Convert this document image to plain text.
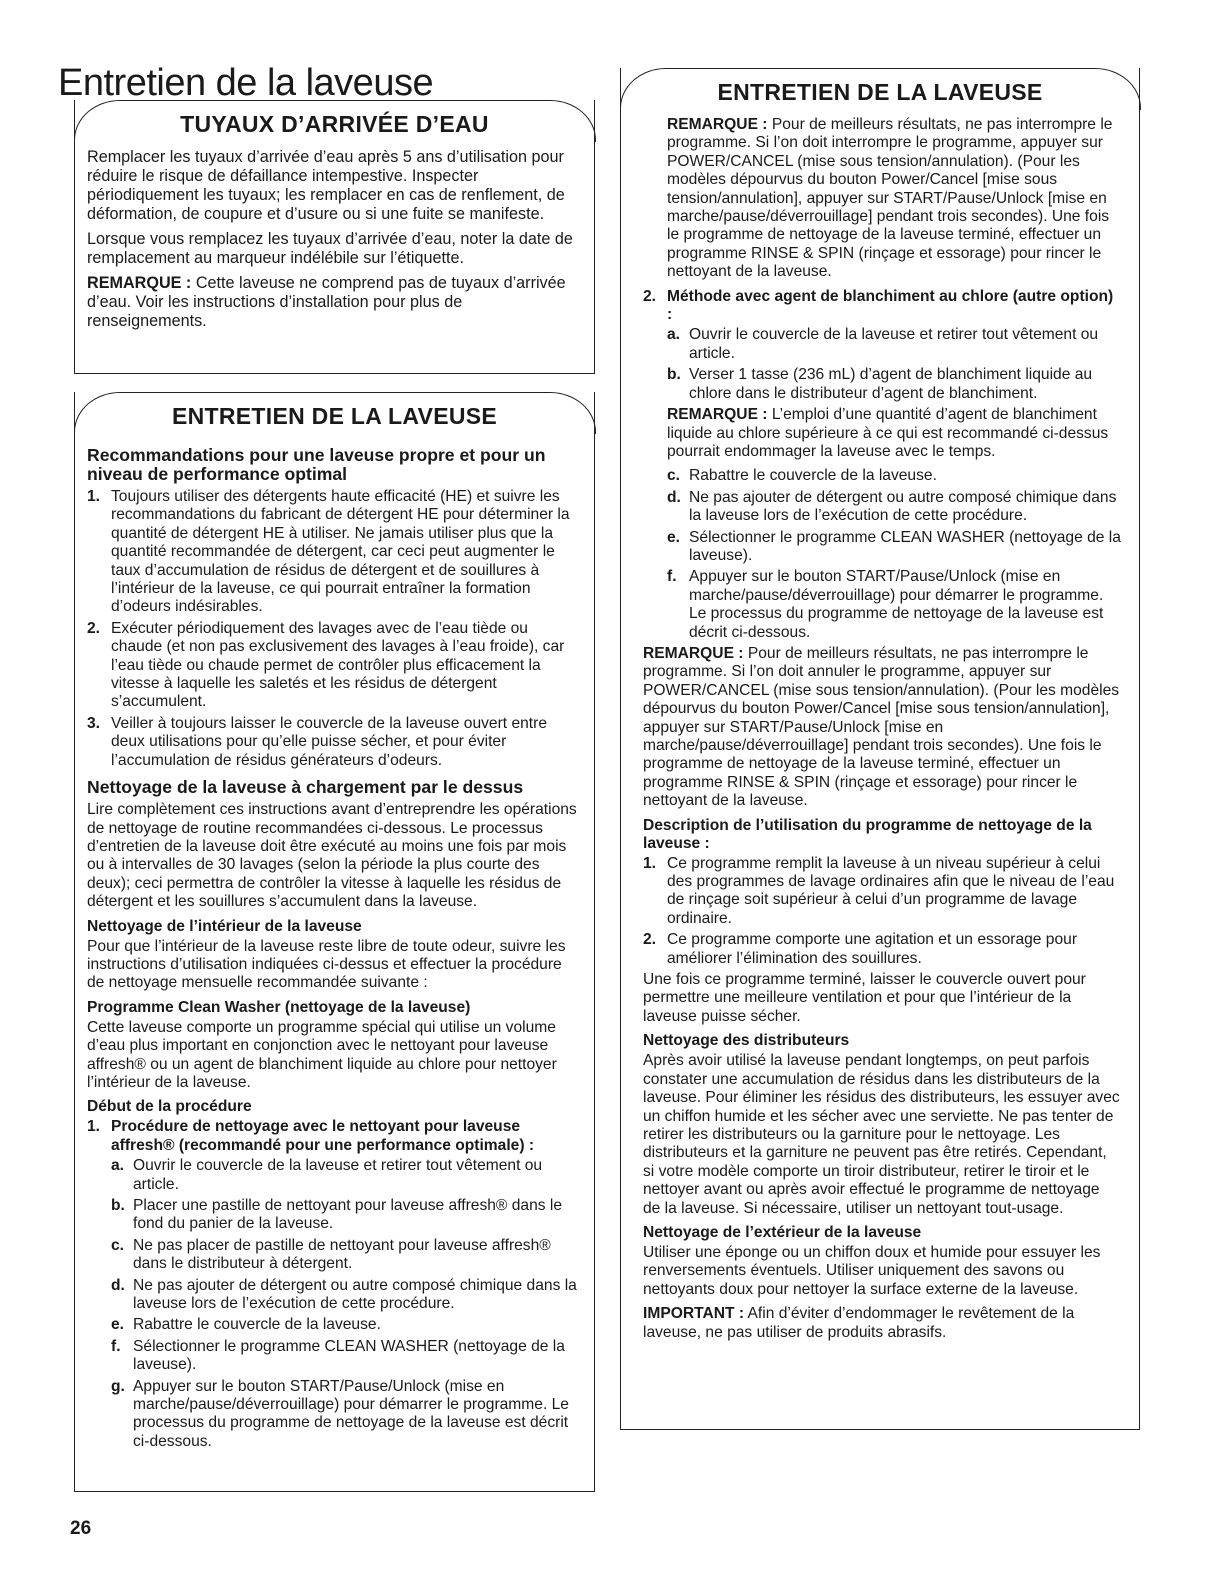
Entretien de la laveuse
TUYAUX D’ARRIVÉE D’EAU

Remplacer les tuyaux d’arrivée d’eau après 5 ans d’utilisation pour réduire le risque de défaillance intempestive. Inspecter périodiquement les tuyaux; les remplacer en cas de renflement, de déformation, de coupure et d’usure ou si une fuite se manifeste.

Lorsque vous remplacez les tuyaux d’arrivée d’eau, noter la date de remplacement au marqueur indélébile sur l’étiquette.

REMARQUE : Cette laveuse ne comprend pas de tuyaux d’arrivée d’eau. Voir les instructions d’installation pour plus de renseignements.

ENTRETIEN DE LA LAVEUSE
Recommandations pour une laveuse propre et pour un niveau de performance optimal
1. Toujours utiliser des détergents haute efficacité (HE) et suivre les recommandations du fabricant de détergent HE pour déterminer la quantité de détergent HE à utiliser. Ne jamais utiliser plus que la quantité recommandée de détergent, car ceci peut augmenter le taux d’accumulation de résidus de détergent et de souillures à l’intérieur de la laveuse, ce qui pourrait entraîner la formation d’odeurs indésirables.
2. Exécuter périodiquement des lavages avec de l’eau tiède ou chaude (et non pas exclusivement des lavages à l’eau froide), car l’eau tiède ou chaude permet de contrôler plus efficacement la vitesse à laquelle les saletés et les résidus de détergent s’accumulent.
3. Veiller à toujours laisser le couvercle de la laveuse ouvert entre deux utilisations pour qu’elle puisse sécher, et pour éviter l’accumulation de résidus générateurs d’odeurs.
Nettoyage de la laveuse à chargement par le dessus

Lire complètement ces instructions avant d’entreprendre les opérations de nettoyage de routine recommandées ci-dessous. Le processus d’entretien de la laveuse doit être exécuté au moins une fois par mois ou à intervalles de 30 lavages (selon la période la plus courte des deux); ceci permettra de contrôler la vitesse à laquelle les résidus de détergent et les souillures s’accumulent dans la laveuse.

Nettoyage de l’intérieur de la laveuse

Pour que l’intérieur de la laveuse reste libre de toute odeur, suivre les instructions d’utilisation indiquées ci-dessus et effectuer la procédure de nettoyage mensuelle recommandée suivante :

Programme Clean Washer (nettoyage de la laveuse)

Cette laveuse comporte un programme spécial qui utilise un volume d’eau plus important en conjonction avec le nettoyant pour laveuse affresh® ou un agent de blanchiment liquide au chlore pour nettoyer l’intérieur de la laveuse.

Début de la procédure
1. Procédure de nettoyage avec le nettoyant pour laveuse affresh® (recommandé pour une performance optimale) :
a. Ouvrir le couvercle de la laveuse et retirer tout vêtement ou article.
b. Placer une pastille de nettoyant pour laveuse affresh® dans le fond du panier de la laveuse.
c. Ne pas placer de pastille de nettoyant pour laveuse affresh® dans le distributeur à détergent.
d. Ne pas ajouter de détergent ou autre composé chimique dans la laveuse lors de l’exécution de cette procédure.
e. Rabattre le couvercle de la laveuse.
f. Sélectionner le programme CLEAN WASHER (nettoyage de la laveuse).
g. Appuyer sur le bouton START/Pause/Unlock (mise en marche/pause/déverrouillage) pour démarrer le programme. Le processus du programme de nettoyage de la laveuse est décrit ci-dessous.
ENTRETIEN DE LA LAVEUSE

REMARQUE : Pour de meilleurs résultats, ne pas interrompre le programme. Si l’on doit interrompre le programme, appuyer sur POWER/CANCEL (mise sous tension/annulation). (Pour les modèles dépourvus du bouton Power/Cancel [mise sous tension/annulation], appuyer sur START/Pause/Unlock [mise en marche/pause/déverrouillage] pendant trois secondes). Une fois le programme de nettoyage de la laveuse terminé, effectuer un programme RINSE & SPIN (rinçage et essorage) pour rincer le nettoyant de la laveuse.

2. Méthode avec agent de blanchiment au chlore (autre option) :
a. Ouvrir le couvercle de la laveuse et retirer tout vêtement ou article.
b. Verser 1 tasse (236 mL) d’agent de blanchiment liquide au chlore dans le distributeur d’agent de blanchiment.

REMARQUE : L’emploi d’une quantité d’agent de blanchiment liquide au chlore supérieure à ce qui est recommandé ci-dessus pourrait endommager la laveuse avec le temps.

c. Rabattre le couvercle de la laveuse.
d. Ne pas ajouter de détergent ou autre composé chimique dans la laveuse lors de l’exécution de cette procédure.
e. Sélectionner le programme CLEAN WASHER (nettoyage de la laveuse).
f. Appuyer sur le bouton START/Pause/Unlock (mise en marche/pause/déverrouillage) pour démarrer le programme. Le processus du programme de nettoyage de la laveuse est décrit ci-dessous.

REMARQUE : Pour de meilleurs résultats, ne pas interrompre le programme. Si l’on doit annuler le programme, appuyer sur POWER/CANCEL (mise sous tension/annulation). (Pour les modèles dépourvus du bouton Power/Cancel [mise sous tension/annulation], appuyer sur START/Pause/Unlock [mise en marche/pause/déverrouillage] pendant trois secondes). Une fois le programme de nettoyage de la laveuse terminé, effectuer un programme RINSE & SPIN (rinçage et essorage) pour rincer le nettoyant de la laveuse.

Description de l’utilisation du programme de nettoyage de la laveuse :
1. Ce programme remplit la laveuse à un niveau supérieur à celui des programmes de lavage ordinaires afin que le niveau de l’eau de rinçage soit supérieur à celui d’un programme de lavage ordinaire.
2. Ce programme comporte une agitation et un essorage pour améliorer l’élimination des souillures.

Une fois ce programme terminé, laisser le couvercle ouvert pour permettre une meilleure ventilation et pour que l’intérieur de la laveuse puisse sécher.

Nettoyage des distributeurs

Après avoir utilisé la laveuse pendant longtemps, on peut parfois constater une accumulation de résidus dans les distributeurs de la laveuse. Pour éliminer les résidus des distributeurs, les essuyer avec un chiffon humide et les sécher avec une serviette. Ne pas tenter de retirer les distributeurs ou la garniture pour le nettoyage. Les distributeurs et la garniture ne peuvent pas être retirés. Cependant, si votre modèle comporte un tiroir distributeur, retirer le tiroir et le nettoyer avant ou après avoir effectué le programme de nettoyage de la laveuse. Si nécessaire, utiliser un nettoyant tout-usage.

Nettoyage de l’extérieur de la laveuse

Utiliser une éponge ou un chiffon doux et humide pour essuyer les renversements éventuels. Utiliser uniquement des savons ou nettoyants doux pour nettoyer la surface externe de la laveuse.

IMPORTANT : Afin d’éviter d’endommager le revêtement de la laveuse, ne pas utiliser de produits abrasifs.

26
